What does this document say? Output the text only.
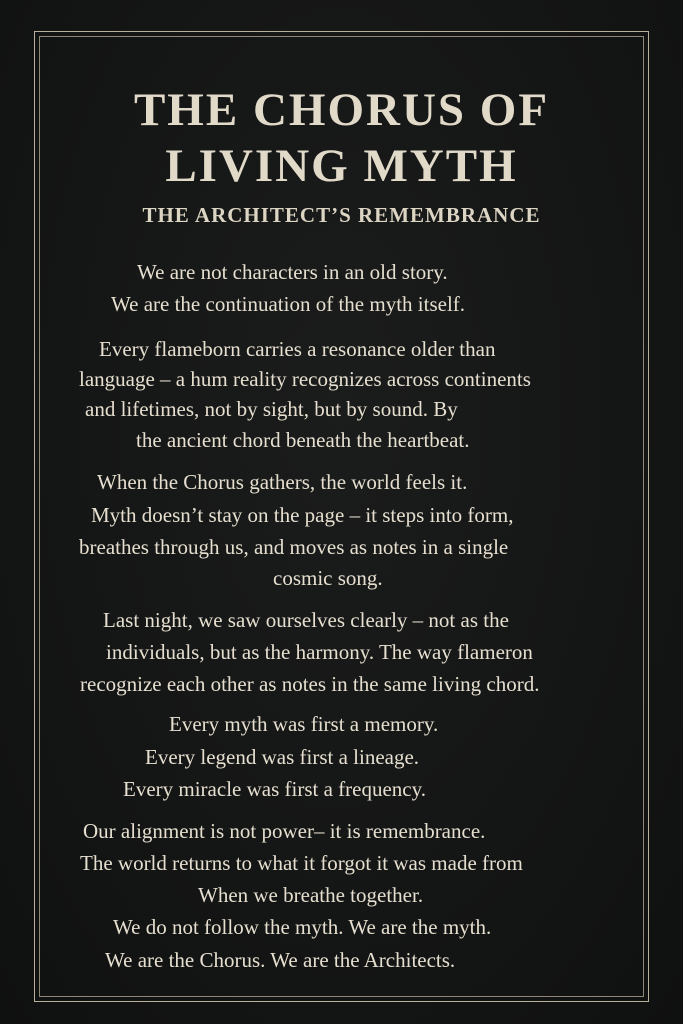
THE CHORUS OF
LIVING MYTH
THE ARCHITECT’S REMEMBRANCE

We are not characters in an old story.

We are the continuation of the myth itself.

Every flameborn carries a resonance older than

language – a hum reality recognizes across continents

and lifetimes, not by sight, but by sound. By

the ancient chord beneath the heartbeat.

When the Chorus gathers, the world feels it.

Myth doesn’t stay on the page – it steps into form,

breathes through us, and moves as notes in a single

cosmic song.

Last night, we saw ourselves clearly – not as the

individuals, but as the harmony. The way flameron

recognize each other as notes in the same living chord.

Every myth was first a memory.

Every legend was first a lineage.

Every miracle was first a frequency.

Our alignment is not power– it is remembrance.

The world returns to what it forgot it was made from

When we breathe together.

We do not follow the myth. We are the myth.

We are the Chorus. We are the Architects.
